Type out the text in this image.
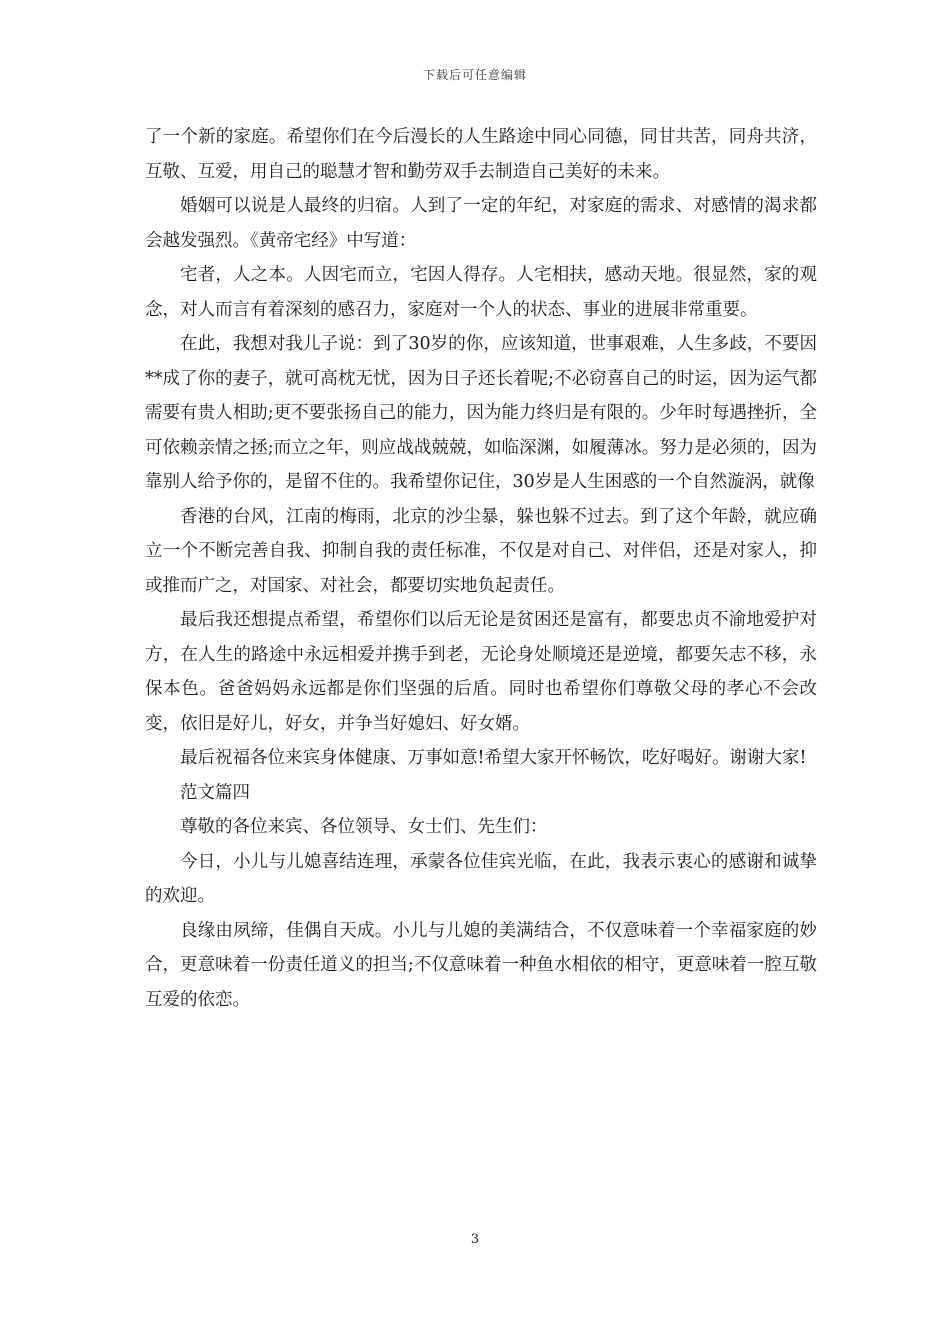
下载后可任意编辑

了一个新的家庭。希望你们在今后漫长的人生路途中同心同德，同甘共苦，同舟共济，互敬、互爱，用自己的聪慧才智和勤劳双手去制造自己美好的未来。

婚姻可以说是人最终的归宿。人到了一定的年纪，对家庭的需求、对感情的渴求都会越发强烈。《黄帝宅经》中写道：

宅者，人之本。人因宅而立，宅因人得存。人宅相扶，感动天地。很显然，家的观念，对人而言有着深刻的感召力，家庭对一个人的状态、事业的进展非常重要。

在此，我想对我儿子说：到了30岁的你，应该知道，世事艰难，人生多歧，不要因**成了你的妻子，就可高枕无忧，因为日子还长着呢;不必窃喜自己的时运，因为运气都需要有贵人相助;更不要张扬自己的能力，因为能力终归是有限的。少年时每遇挫折，全可依赖亲情之拯;而立之年，则应战战兢兢，如临深渊，如履薄冰。努力是必须的，因为靠别人给予你的，是留不住的。我希望你记住，30岁是人生困惑的一个自然漩涡，就像

香港的台风，江南的梅雨，北京的沙尘暴，躲也躲不过去。到了这个年龄，就应确立一个不断完善自我、抑制自我的责任标准，不仅是对自己、对伴侣，还是对家人，抑或推而广之，对国家、对社会，都要切实地负起责任。

最后我还想提点希望，希望你们以后无论是贫困还是富有，都要忠贞不渝地爱护对方，在人生的路途中永远相爱并携手到老，无论身处顺境还是逆境，都要矢志不移，永保本色。爸爸妈妈永远都是你们坚强的后盾。同时也希望你们尊敬父母的孝心不会改变，依旧是好儿，好女，并争当好媳妇、好女婿。

最后祝福各位来宾身体健康、万事如意!希望大家开怀畅饮，吃好喝好。谢谢大家!

范文篇四

尊敬的各位来宾、各位领导、女士们、先生们：

今日，小儿与儿媳喜结连理，承蒙各位佳宾光临，在此，我表示衷心的感谢和诚挚的欢迎。

良缘由夙缔，佳偶自天成。小儿与儿媳的美满结合，不仅意味着一个幸福家庭的妙合，更意味着一份责任道义的担当;不仅意味着一种鱼水相依的相守，更意味着一腔互敬互爱的依恋。

3
